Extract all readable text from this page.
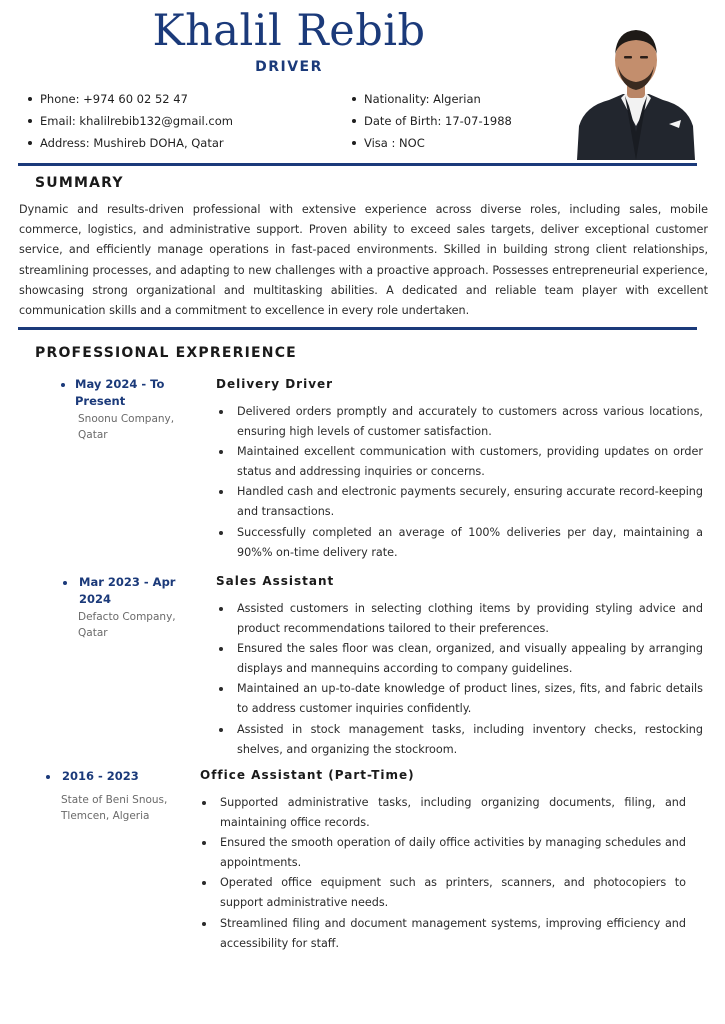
Khalil Rebib
DRIVER
Phone: +974 60 02 52 47
Email: khalilrebib132@gmail.com
Address: Mushireb DOHA, Qatar
Nationality: Algerian
Date of Birth: 17-07-1988
Visa : NOC
SUMMARY
Dynamic and results-driven professional with extensive experience across diverse roles, including sales, mobile commerce, logistics, and administrative support. Proven ability to exceed sales targets, deliver exceptional customer service, and efficiently manage operations in fast-paced environments. Skilled in building strong client relationships, streamlining processes, and adapting to new challenges with a proactive approach. Possesses entrepreneurial experience, showcasing strong organizational and multitasking abilities. A dedicated and reliable team player with excellent communication skills and a commitment to excellence in every role undertaken.
PROFESSIONAL EXPRERIENCE
May 2024 - To Present
Snoonu Company, Qatar
Delivery Driver
Delivered orders promptly and accurately to customers across various locations, ensuring high levels of customer satisfaction.
Maintained excellent communication with customers, providing updates on order status and addressing inquiries or concerns.
Handled cash and electronic payments securely, ensuring accurate record-keeping and transactions.
Successfully completed an average of 100% deliveries per day, maintaining a 90%% on-time delivery rate.
Mar 2023 - Apr 2024
Defacto Company, Qatar
Sales Assistant
Assisted customers in selecting clothing items by providing styling advice and product recommendations tailored to their preferences.
Ensured the sales floor was clean, organized, and visually appealing by arranging displays and mannequins according to company guidelines.
Maintained an up-to-date knowledge of product lines, sizes, fits, and fabric details to address customer inquiries confidently.
Assisted in stock management tasks, including inventory checks, restocking shelves, and organizing the stockroom.
2016 - 2023
State of Beni Snous, Tlemcen, Algeria
Office Assistant (Part-Time)
Supported administrative tasks, including organizing documents, filing, and maintaining office records.
Ensured the smooth operation of daily office activities by managing schedules and appointments.
Operated office equipment such as printers, scanners, and photocopiers to support administrative needs.
Streamlined filing and document management systems, improving efficiency and accessibility for staff.
